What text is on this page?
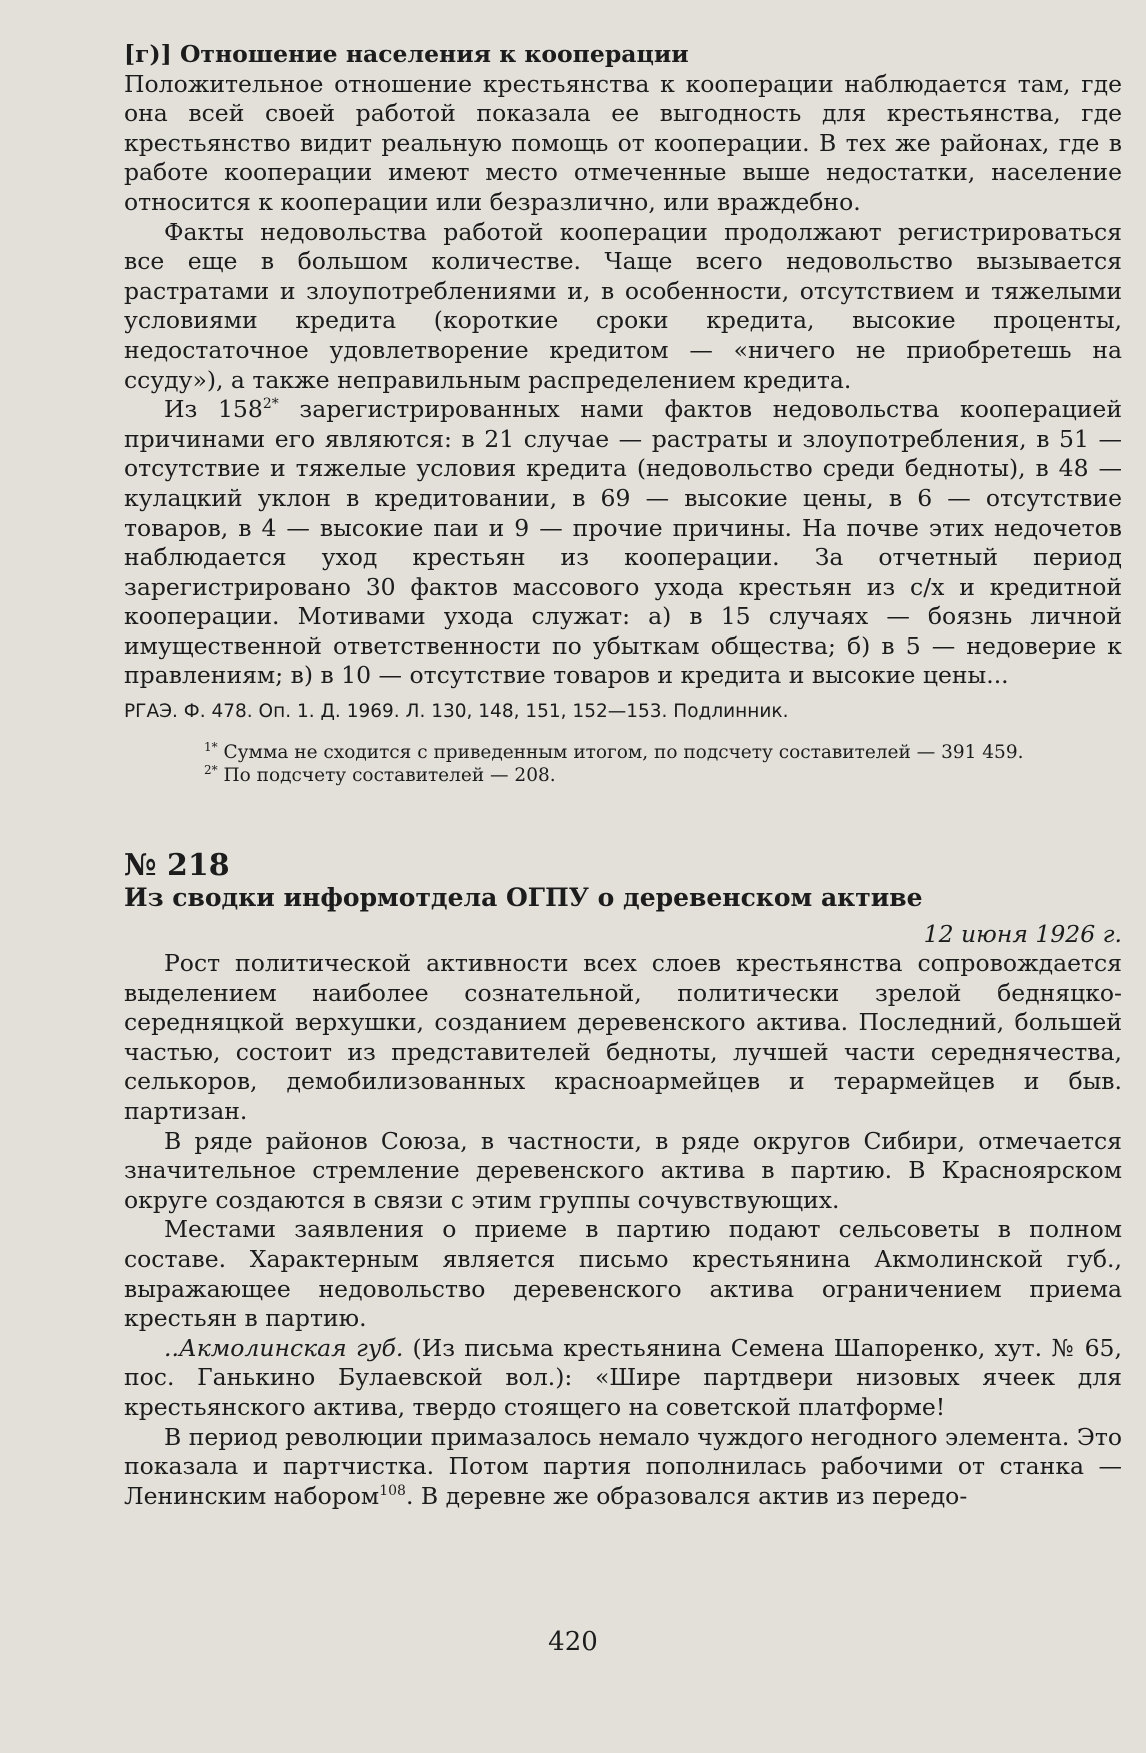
[г)] Отношение населения к кооперации

Положительное отношение крестьянства к кооперации наблюдается там, где она всей своей работой показала ее выгодность для крестьянства, где крестьянство видит реальную помощь от кооперации. В тех же районах, где в работе кооперации имеют место отмеченные выше недостатки, население относится к кооперации или безразлично, или враждебно.

Факты недовольства работой кооперации продолжают регистрироваться все еще в большом количестве. Чаще всего недовольство вызывается растратами и злоупотреблениями и, в особенности, отсутствием и тяжелыми условиями кредита (короткие сроки кредита, высокие проценты, недостаточное удовлетворение кредитом — «ничего не приобретешь на ссуду»), а также неправильным распределением кредита.

Из $158^{2*}$ зарегистрированных нами фактов недовольства кооперацией причинами его являются: в 21 случае — растраты и злоупотребления, в 51 — отсутствие и тяжелые условия кредита (недовольство среди бедноты), в 48 — кулацкий уклон в кредитовании, в 69 — высокие цены, в 6 — отсутствие товаров, в 4 — высокие паи и 9 — прочие причины. На почве этих недочетов наблюдается уход крестьян из кооперации. За отчетный период зарегистрировано 30 фактов массового ухода крестьян из с/х и кредитной кооперации. Мотивами ухода служат: а) в 15 случаях — боязнь личной имущественной ответственности по убыткам общества; б) в 5 — недоверие к правлениям; в) в 10 — отсутствие товаров и кредита и высокие цены...

РГАЭ. Ф. 478. Оп. 1. Д. 1969. Л. 130, 148, 151, 152—153. Подлинник.

$^{1*}$ Сумма не сходится с приведенным итогом, по подсчету составителей — 391 459.
$^{2*}$ По подсчету составителей — 208.
№ 218
Из сводки информотдела ОГПУ о деревенском активе
12 июня 1926 г.

Рост политической активности всех слоев крестьянства сопровождается выделением наиболее сознательной, политически зрелой бедняцко-середняцкой верхушки, созданием деревенского актива. Последний, большей частью, состоит из представителей бедноты, лучшей части середнячества, селькоров, демобилизованных красноармейцев и терармейцев и быв. партизан.

В ряде районов Союза, в частности, в ряде округов Сибири, отмечается значительное стремление деревенского актива в партию. В Красноярском округе создаются в связи с этим группы сочувствующих.

Местами заявления о приеме в партию подают сельсоветы в полном составе. Характерным является письмо крестьянина Акмолинской губ., выражающее недовольство деревенского актива ограничением приема крестьян в партию.

..Акмолинская губ. (Из письма крестьянина Семена Шапоренко, хут. № 65, пос. Ганькино Булаевской вол.): «Шире партдвери низовых ячеек для крестьянского актива, твердо стоящего на советской платформе!

В период революции примазалось немало чуждого негодного элемента. Это показала и партчистка. Потом партия пополнилась рабочими от станка — Ленинским набором$^{108}$. В деревне же образовался актив из передо-

420
